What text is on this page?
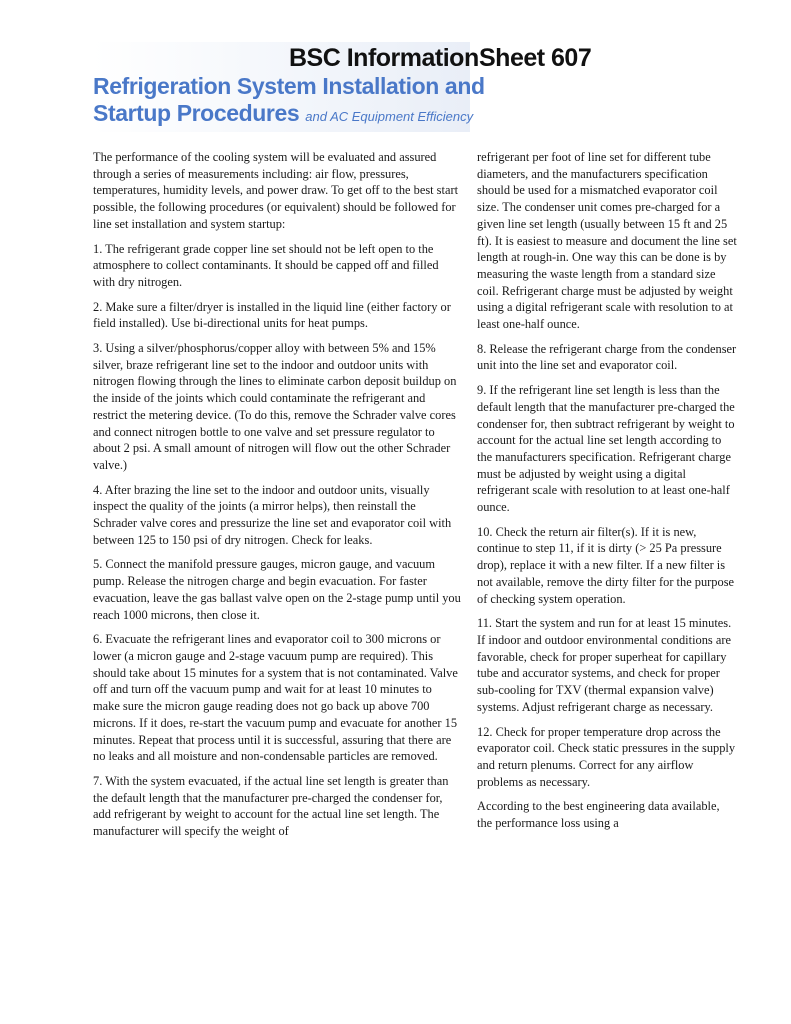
BSC Information Sheet 607
Refrigeration System Installation and
Startup Procedures and AC Equipment Efficiency

The performance of the cooling system will be evaluated and assured through a series of measurements including: air flow, pressures, temperatures, humidity levels, and power draw. To get off to the best start possible, the following procedures (or equivalent) should be followed for line set installation and system startup:

1. The refrigerant grade copper line set should not be left open to the atmosphere to collect contaminants. It should be capped off and filled with dry nitrogen.

2. Make sure a filter/dryer is installed in the liquid line (either factory or field installed). Use bi-directional units for heat pumps.

3. Using a silver/phosphorus/copper alloy with between 5% and 15% silver, braze refrigerant line set to the indoor and outdoor units with nitrogen flowing through the lines to eliminate carbon deposit buildup on the inside of the joints which could contaminate the refrigerant and restrict the metering device. (To do this, remove the Schrader valve cores and connect nitrogen bottle to one valve and set pressure regulator to about 2 psi. A small amount of nitrogen will flow out the other Schrader valve.)

4. After brazing the line set to the indoor and outdoor units, visually inspect the quality of the joints (a mirror helps), then reinstall the Schrader valve cores and pressurize the line set and evaporator coil with between 125 to 150 psi of dry nitrogen. Check for leaks.

5. Connect the manifold pressure gauges, micron gauge, and vacuum pump. Release the nitrogen charge and begin evacuation. For faster evacuation, leave the gas ballast valve open on the 2-stage pump until you reach 1000 microns, then close it.

6. Evacuate the refrigerant lines and evaporator coil to 300 microns or lower (a micron gauge and 2-stage vacuum pump are required). This should take about 15 minutes for a system that is not contaminated. Valve off and turn off the vacuum pump and wait for at least 10 minutes to make sure the micron gauge reading does not go back up above 700 microns. If it does, re-start the vacuum pump and evacuate for another 15 minutes. Repeat that process until it is successful, assuring that there are no leaks and all moisture and non-condensable particles are removed.

7. With the system evacuated, if the actual line set length is greater than the default length that the manufacturer pre-charged the condenser for, add refrigerant by weight to account for the actual line set length. The manufacturer will specify the weight of

refrigerant per foot of line set for different tube diameters, and the manufacturers specification should be used for a mismatched evaporator coil size. The condenser unit comes pre-charged for a given line set length (usually between 15 ft and 25 ft). It is easiest to measure and document the line set length at rough-in. One way this can be done is by measuring the waste length from a standard size coil. Refrigerant charge must be adjusted by weight using a digital refrigerant scale with resolution to at least one-half ounce.

8. Release the refrigerant charge from the condenser unit into the line set and evaporator coil.

9. If the refrigerant line set length is less than the default length that the manufacturer pre-charged the condenser for, then subtract refrigerant by weight to account for the actual line set length according to the manufacturers specification. Refrigerant charge must be adjusted by weight using a digital refrigerant scale with resolution to at least one-half ounce.

10. Check the return air filter(s). If it is new, continue to step 11, if it is dirty (> 25 Pa pressure drop), replace it with a new filter. If a new filter is not available, remove the dirty filter for the purpose of checking system operation.

11. Start the system and run for at least 15 minutes. If indoor and outdoor environmental conditions are favorable, check for proper superheat for capillary tube and accurator systems, and check for proper sub-cooling for TXV (thermal expansion valve) systems. Adjust refrigerant charge as necessary.

12. Check for proper temperature drop across the evaporator coil. Check static pressures in the supply and return plenums. Correct for any airflow problems as necessary.

According to the best engineering data available, the performance loss using a
